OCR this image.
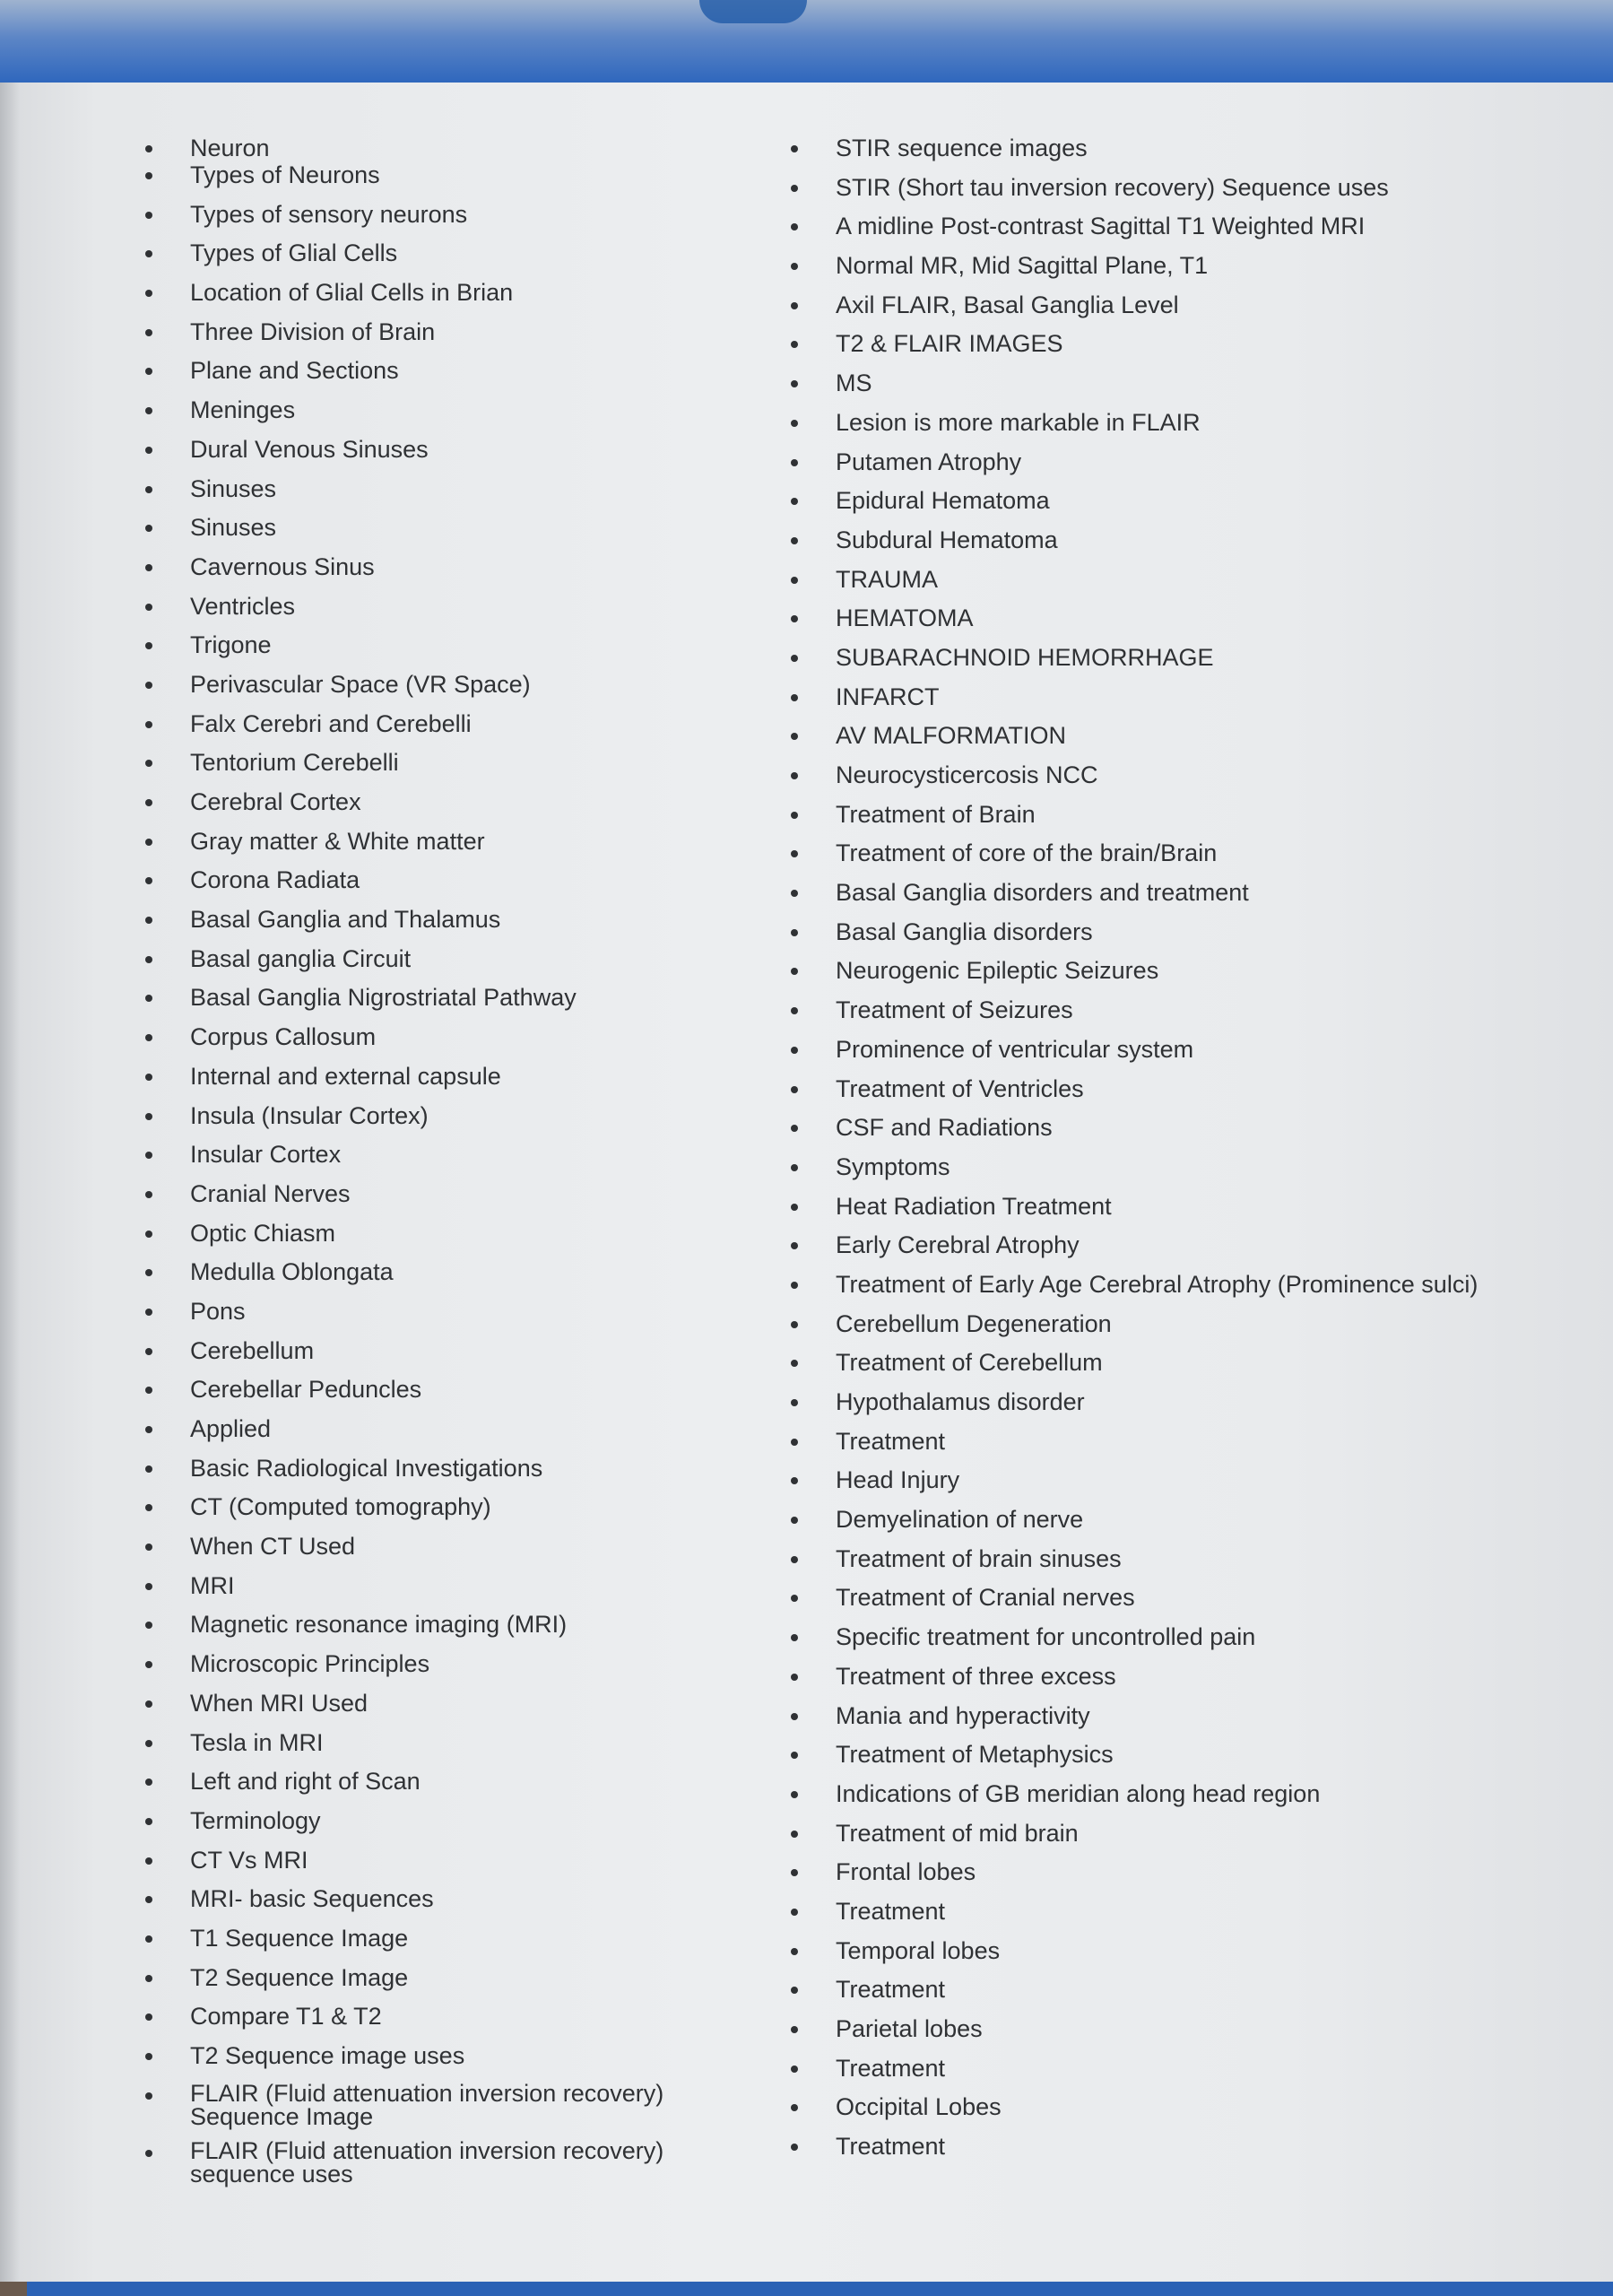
Neuron
Types of Neurons
Types of sensory neurons
Types of Glial Cells
Location of Glial Cells in Brian
Three Division of Brain
Plane and Sections
Meninges
Dural Venous Sinuses
Sinuses
Sinuses
Cavernous Sinus
Ventricles
Trigone
Perivascular Space (VR Space)
Falx Cerebri and Cerebelli
Tentorium Cerebelli
Cerebral Cortex
Gray matter & White matter
Corona Radiata
Basal Ganglia and Thalamus
Basal ganglia Circuit
Basal Ganglia Nigrostriatal Pathway
Corpus Callosum
Internal and external capsule
Insula (Insular Cortex)
Insular Cortex
Cranial Nerves
Optic Chiasm
Medulla Oblongata
Pons
Cerebellum
Cerebellar Peduncles
Applied
Basic Radiological Investigations
CT (Computed tomography)
When CT Used
MRI
Magnetic resonance imaging (MRI)
Microscopic Principles
When MRI Used
Tesla in MRI
Left and right of Scan
Terminology
CT Vs MRI
MRI- basic Sequences
T1 Sequence Image
T2 Sequence Image
Compare T1 & T2
T2 Sequence image uses
FLAIR (Fluid attenuation inversion recovery) Sequence Image
FLAIR (Fluid attenuation inversion recovery) sequence uses
STIR sequence images
STIR (Short tau inversion recovery) Sequence uses
A midline Post-contrast Sagittal T1 Weighted MRI
Normal MR, Mid Sagittal Plane, T1
Axil FLAIR, Basal Ganglia Level
T2 & FLAIR IMAGES
MS
Lesion is more markable in FLAIR
Putamen Atrophy
Epidural Hematoma
Subdural Hematoma
TRAUMA
HEMATOMA
SUBARACHNOID HEMORRHAGE
INFARCT
AV MALFORMATION
Neurocysticercosis NCC
Treatment of Brain
Treatment of core of the brain/Brain
Basal Ganglia disorders and treatment
Basal Ganglia disorders
Neurogenic Epileptic Seizures
Treatment of Seizures
Prominence of ventricular system
Treatment of Ventricles
CSF and Radiations
Symptoms
Heat Radiation Treatment
Early Cerebral Atrophy
Treatment of Early Age Cerebral Atrophy (Prominence sulci)
Cerebellum Degeneration
Treatment of Cerebellum
Hypothalamus disorder
Treatment
Head Injury
Demyelination of nerve
Treatment of brain sinuses
Treatment of Cranial nerves
Specific treatment for uncontrolled pain
Treatment of three excess
Mania and hyperactivity
Treatment of Metaphysics
Indications of GB meridian along head region
Treatment of mid brain
Frontal lobes
Treatment
Temporal lobes
Treatment
Parietal lobes
Treatment
Occipital Lobes
Treatment
